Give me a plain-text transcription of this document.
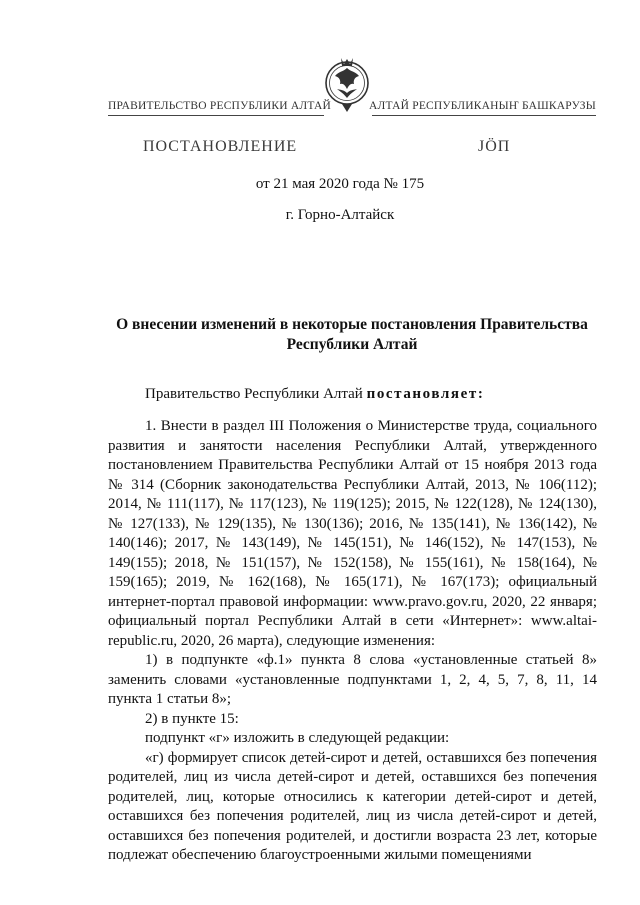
ПРАВИТЕЛЬСТВО РЕСПУБЛИКИ АЛТАЙ	АЛТАЙ РЕСПУБЛИКАНЫҤ БАШКАРУЗЫ
ПОСТАНОВЛЕНИЕ	ЈӦП
от 21 мая 2020 года № 175
г. Горно-Алтайск
О внесении изменений в некоторые постановления Правительства Республики Алтай
Правительство Республики Алтай постановляет:

1. Внести в раздел III Положения о Министерстве труда, социального развития и занятости населения Республики Алтай, утвержденного постановлением Правительства Республики Алтай от 15 ноября 2013 года № 314 (Сборник законодательства Республики Алтай, 2013, № 106(112); 2014, № 111(117), № 117(123), № 119(125); 2015, № 122(128), № 124(130), № 127(133), № 129(135), № 130(136); 2016, № 135(141), № 136(142), № 140(146); 2017, № 143(149), № 145(151), № 146(152), № 147(153), № 149(155); 2018, № 151(157), № 152(158), № 155(161), № 158(164), № 159(165); 2019, № 162(168), № 165(171), № 167(173); официальный интернет-портал правовой информации: www.pravo.gov.ru, 2020, 22 января; официальный портал Республики Алтай в сети «Интернет»: www.altai-republic.ru, 2020, 26 марта), следующие изменения:

1) в подпункте «ф.1» пункта 8 слова «установленные статьей 8» заменить словами «установленные подпунктами 1, 2, 4, 5, 7, 8, 11, 14 пункта 1 статьи 8»;

2) в пункте 15:

подпункт «г» изложить в следующей редакции:

«г) формирует список детей-сирот и детей, оставшихся без попечения родителей, лиц из числа детей-сирот и детей, оставшихся без попечения родителей, лиц, которые относились к категории детей-сирот и детей, оставшихся без попечения родителей, лиц из числа детей-сирот и детей, оставшихся без попечения родителей, и достигли возраста 23 лет, которые подлежат обеспечению благоустроенными жилыми помещениями
